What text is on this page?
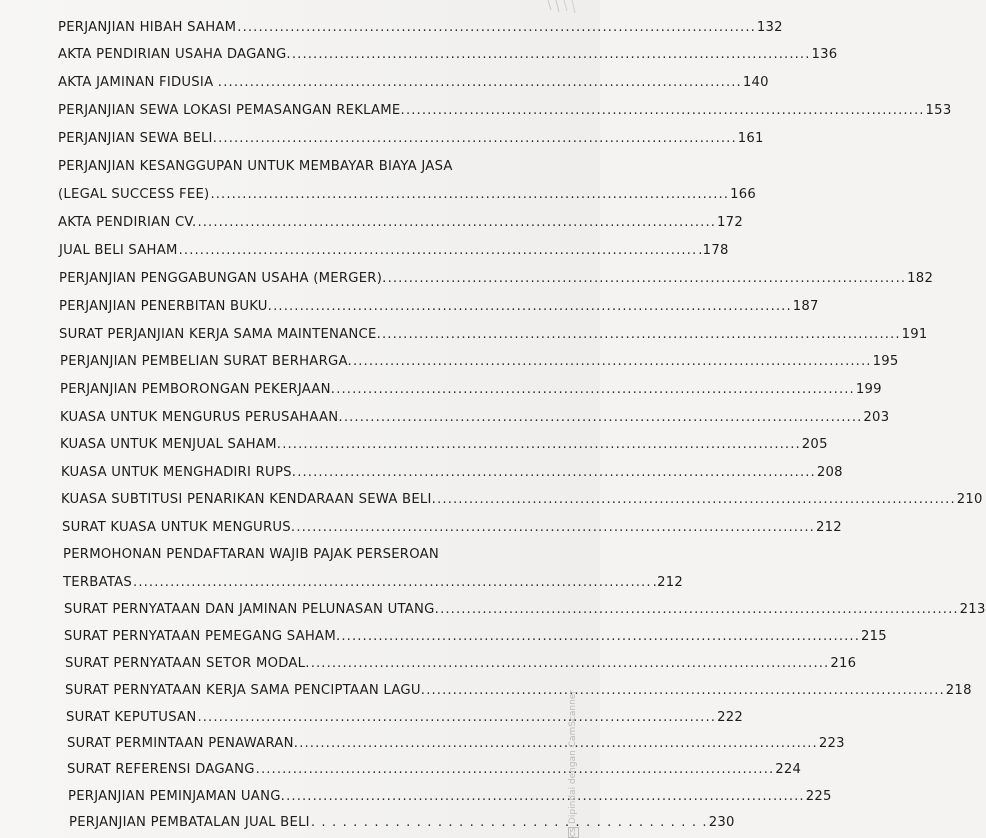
PERJANJIAN HIBAH SAHAM .................................................................................................. 132
AKTA PENDIRIAN USAHA DAGANG. .................................................................................................. 136
AKTA JAMINAN FIDUSIA . .................................................................................................. 140
PERJANJIAN SEWA LOKASI PEMASANGAN REKLAME. .................................................................................................. 153
PERJANJIAN SEWA BELI. .................................................................................................. 161
PERJANJIAN KESANGGUPAN UNTUK MEMBAYAR BIAYA JASA
(LEGAL SUCCESS FEE) .................................................................................................. 166
AKTA PENDIRIAN CV. .................................................................................................. 172
JUAL BELI SAHAM .................................................................................................. .178
PERJANJIAN PENGGABUNGAN USAHA (MERGER). .................................................................................................. 182
PERJANJIAN PENERBITAN BUKU. .................................................................................................. 187
SURAT PERJANJIAN KERJA SAMA MAINTENANCE. .................................................................................................. 191
PERJANJIAN PEMBELIAN SURAT BERHARGA. .................................................................................................. 195
PERJANJIAN PEMBORONGAN PEKERJAAN. .................................................................................................. 199
KUASA UNTUK MENGURUS PERUSAHAAN. .................................................................................................. 203
KUASA UNTUK MENJUAL SAHAM. .................................................................................................. 205
KUASA UNTUK MENGHADIRI RUPS. .................................................................................................. 208
KUASA SUBTITUSI PENARIKAN KENDARAAN SEWA BELI. .................................................................................................. 210
SURAT KUASA UNTUK MENGURUS. .................................................................................................. 212
PERMOHONAN PENDAFTARAN WAJIB PAJAK PERSEROAN
TERBATAS .................................................................................................. .212
SURAT PERNYATAAN DAN JAMINAN PELUNASAN UTANG. .................................................................................................. 213
SURAT PERNYATAAN PEMEGANG SAHAM. .................................................................................................. 215
SURAT PERNYATAAN SETOR MODAL. .................................................................................................. 216
SURAT PERNYATAAN KERJA SAMA PENCIPTAAN LAGU. .................................................................................................. 218
SURAT KEPUTUSAN .................................................................................................. 222
SURAT PERMINTAAN PENAWARAN. .................................................................................................. 223
SURAT REFERENSI DAGANG .................................................................................................. 224
PERJANJIAN PEMINJAMAN UANG. .................................................................................................. 225
PERJANJIAN PEMBATALAN JUAL BELI . . . . . . . . . . . . . . . . . . . . . . . . . . . . . . . . . . . . . . 230
CSDipindai dengan CamScanner
